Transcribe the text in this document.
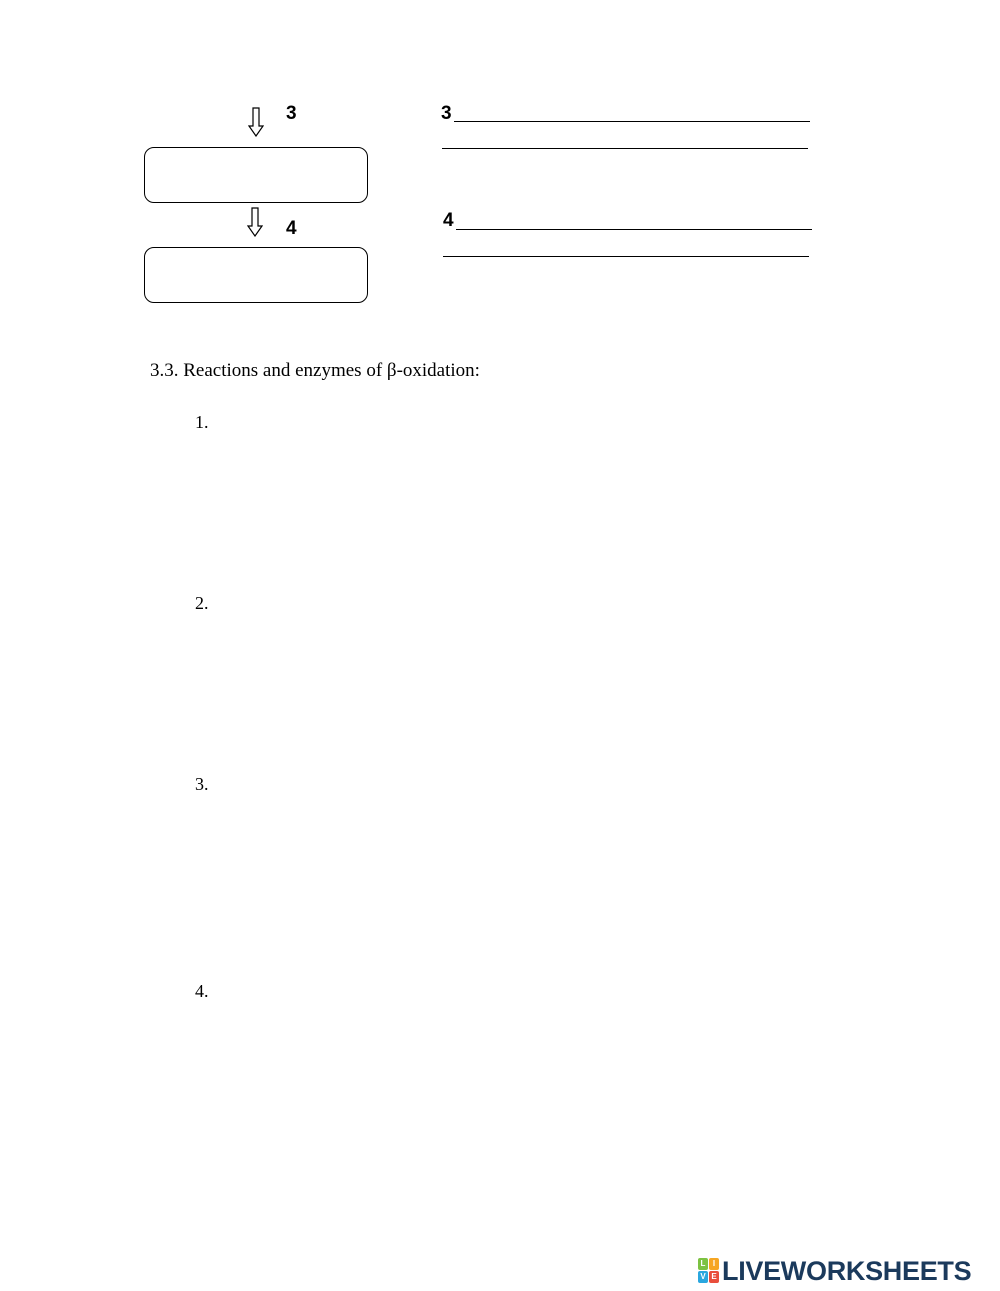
3
4
3
4
3.3. Reactions and enzymes of β-oxidation:
1.
2.
3.
4.
L I
V E LIVEWORKSHEETS
